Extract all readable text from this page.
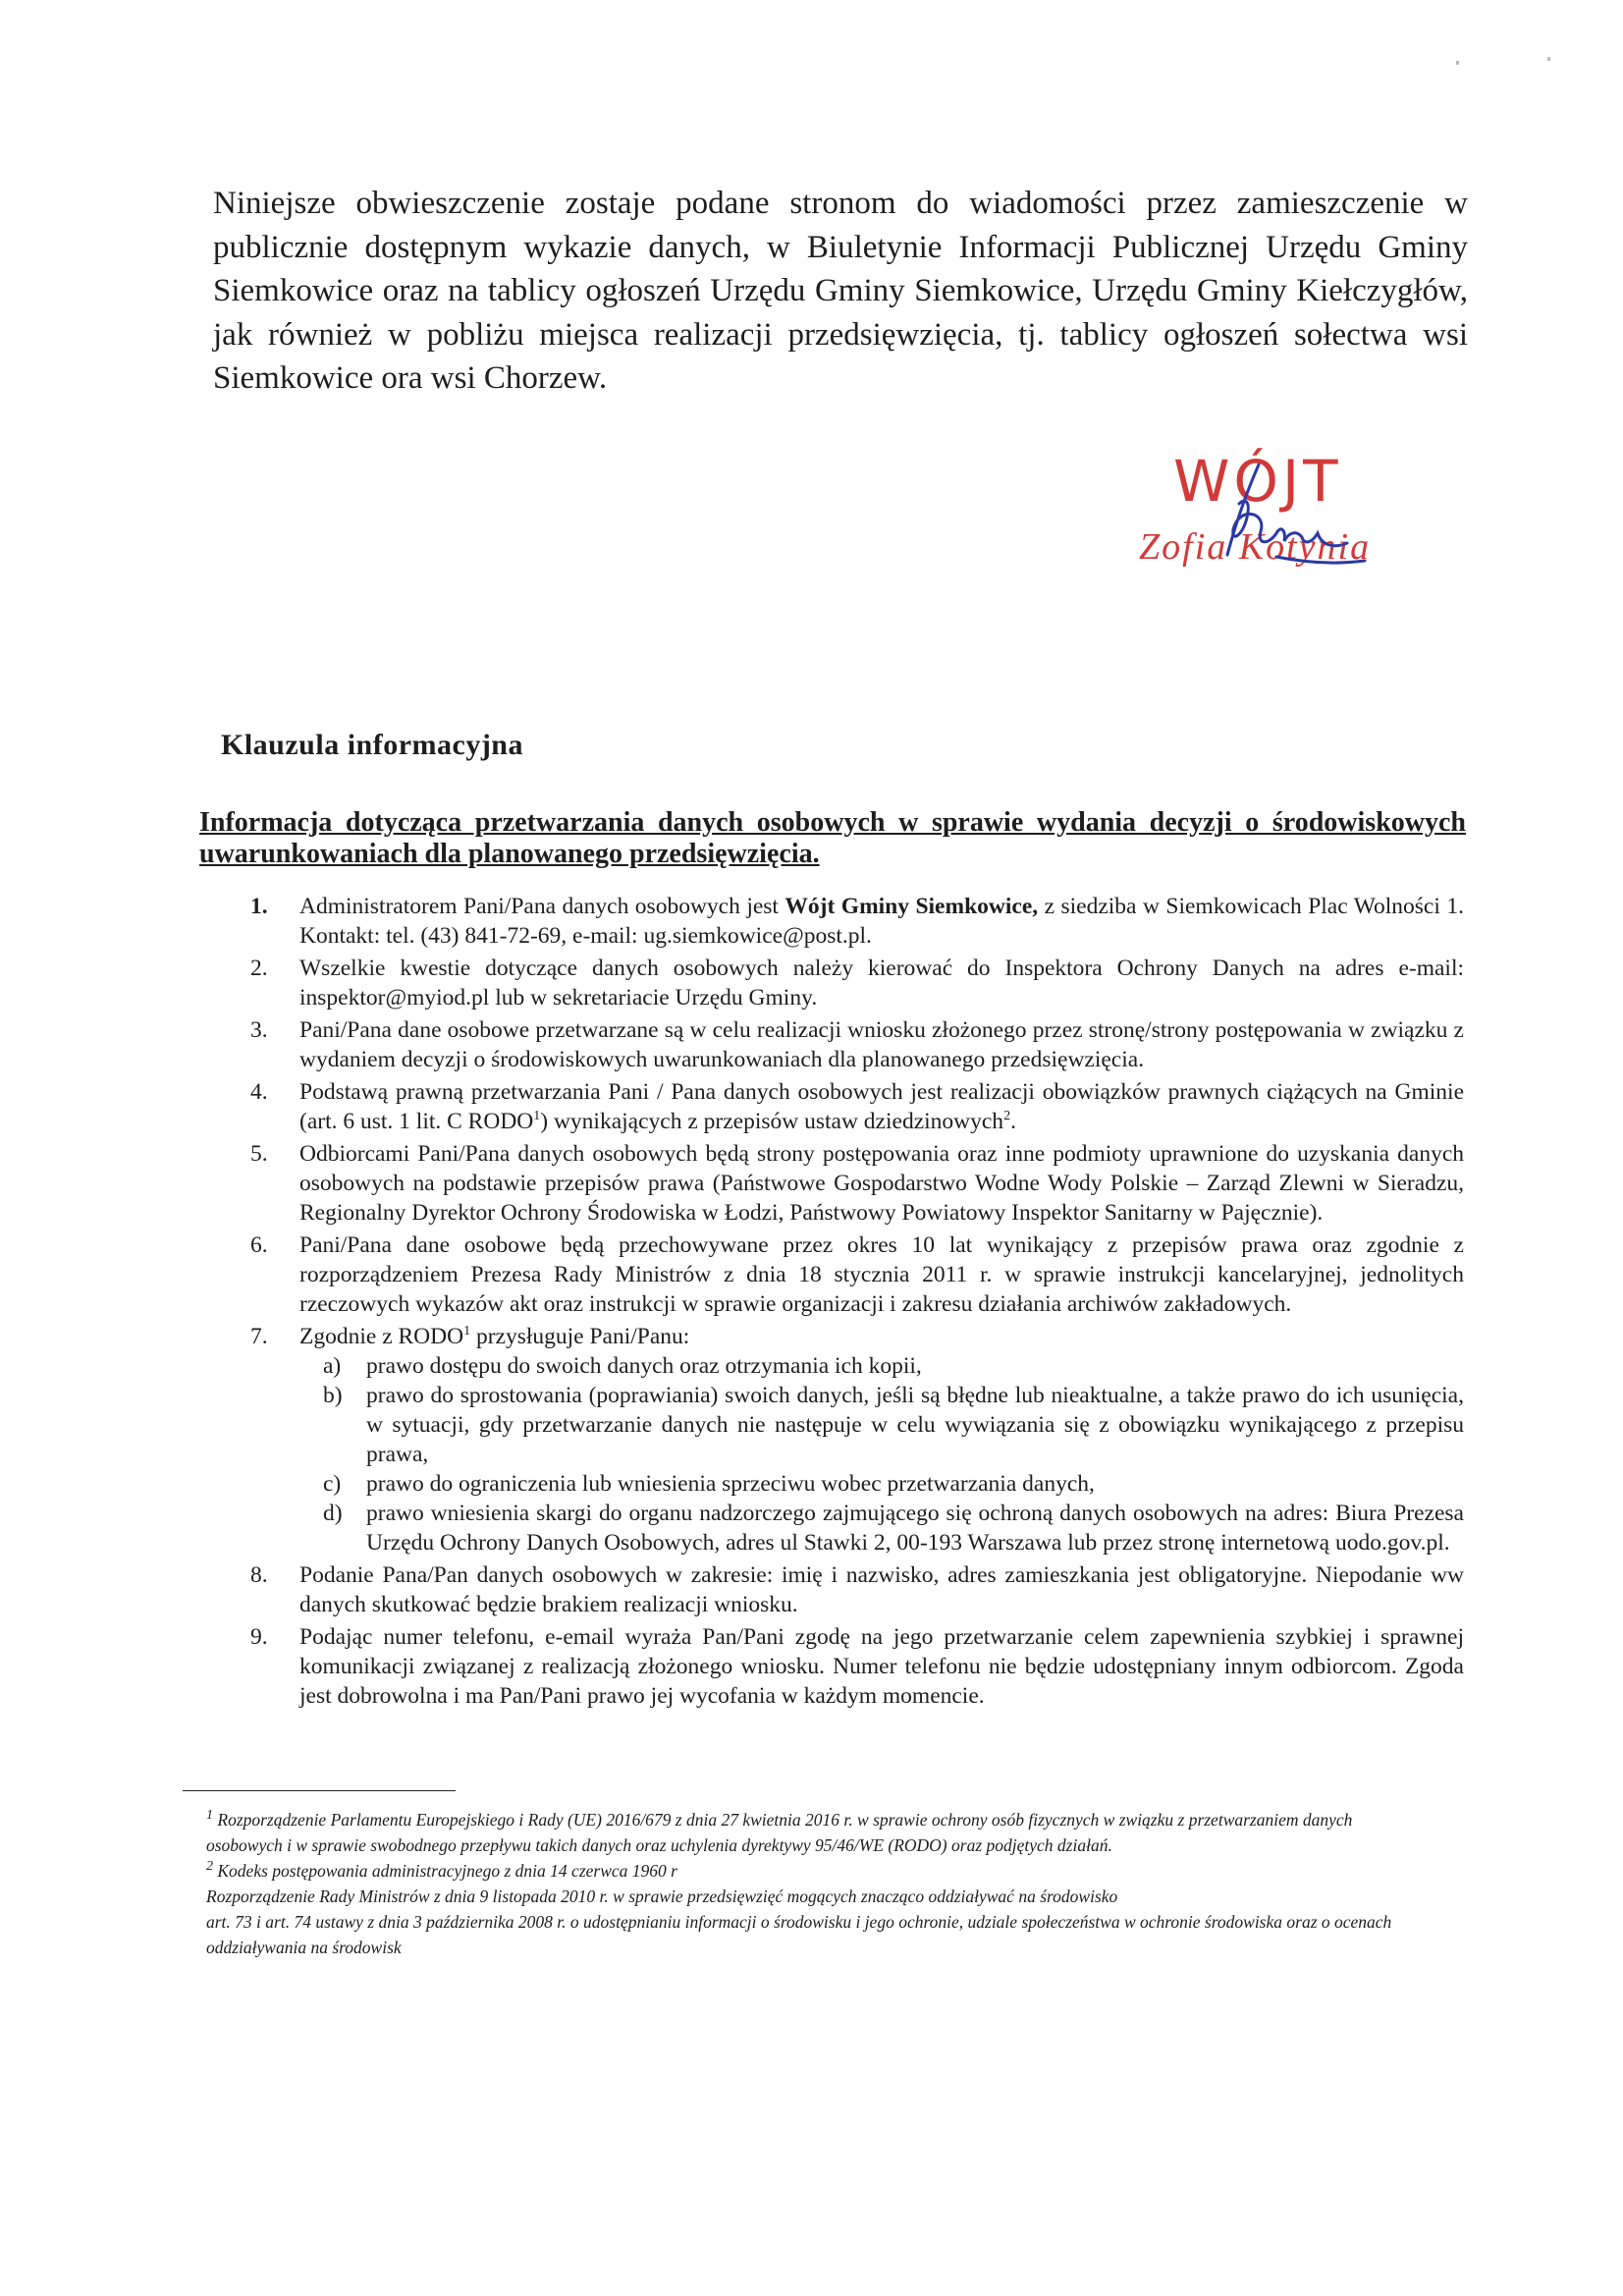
Niniejsze obwieszczenie zostaje podane stronom do wiadomości przez zamieszczenie w publicznie dostępnym wykazie danych, w Biuletynie Informacji Publicznej Urzędu Gminy Siemkowice oraz na tablicy ogłoszeń Urzędu Gminy Siemkowice, Urzędu Gminy Kiełczygłów, jak również w pobliżu miejsca realizacji przedsięwzięcia, tj. tablicy ogłoszeń sołectwa wsi Siemkowice ora wsi Chorzew.

WÓJT
Zofia Kotynia
Klauzula informacyjna

Informacja dotycząca przetwarzania danych osobowych w sprawie wydania decyzji o środowiskowych uwarunkowaniach dla planowanego przedsięwzięcia.

1. Administratorem Pani/Pana danych osobowych jest Wójt Gminy Siemkowice, z siedziba w Siemkowicach Plac Wolności 1. Kontakt: tel. (43) 841-72-69, e-mail: ug.siemkowice@post.pl.
2. Wszelkie kwestie dotyczące danych osobowych należy kierować do Inspektora Ochrony Danych na adres e-mail: inspektor@myiod.pl lub w sekretariacie Urzędu Gminy.
3. Pani/Pana dane osobowe przetwarzane są w celu realizacji wniosku złożonego przez stronę/strony postępowania w związku z wydaniem decyzji o środowiskowych uwarunkowaniach dla planowanego przedsięwzięcia.
4. Podstawą prawną przetwarzania Pani / Pana danych osobowych jest realizacji obowiązków prawnych ciążących na Gminie (art. 6 ust. 1 lit. C RODO$^1$) wynikających z przepisów ustaw dziedzinowych$^2$.
5. Odbiorcami Pani/Pana danych osobowych będą strony postępowania oraz inne podmioty uprawnione do uzyskania danych osobowych na podstawie przepisów prawa (Państwowe Gospodarstwo Wodne Wody Polskie – Zarząd Zlewni w Sieradzu, Regionalny Dyrektor Ochrony Środowiska w Łodzi, Państwowy Powiatowy Inspektor Sanitarny w Pajęcznie).
6. Pani/Pana dane osobowe będą przechowywane przez okres 10 lat wynikający z przepisów prawa oraz zgodnie z rozporządzeniem Prezesa Rady Ministrów z dnia 18 stycznia 2011 r. w sprawie instrukcji kancelaryjnej, jednolitych rzeczowych wykazów akt oraz instrukcji w sprawie organizacji i zakresu działania archiwów zakładowych.
7. Zgodnie z RODO$^1$ przysługuje Pani/Panu:
a) prawo dostępu do swoich danych oraz otrzymania ich kopii,
b) prawo do sprostowania (poprawiania) swoich danych, jeśli są błędne lub nieaktualne, a także prawo do ich usunięcia, w sytuacji, gdy przetwarzanie danych nie następuje w celu wywiązania się z obowiązku wynikającego z przepisu prawa,
c) prawo do ograniczenia lub wniesienia sprzeciwu wobec przetwarzania danych,
d) prawo wniesienia skargi do organu nadzorczego zajmującego się ochroną danych osobowych na adres: Biura Prezesa Urzędu Ochrony Danych Osobowych, adres ul Stawki 2, 00-193 Warszawa lub przez stronę internetową uodo.gov.pl.
8. Podanie Pana/Pan danych osobowych w zakresie: imię i nazwisko, adres zamieszkania jest obligatoryjne. Niepodanie ww danych skutkować będzie brakiem realizacji wniosku.
9. Podając numer telefonu, e-email wyraża Pan/Pani zgodę na jego przetwarzanie celem zapewnienia szybkiej i sprawnej komunikacji związanej z realizacją złożonego wniosku. Numer telefonu nie będzie udostępniany innym odbiorcom. Zgoda jest dobrowolna i ma Pan/Pani prawo jej wycofania w każdym momencie.

$^1$ Rozporządzenie Parlamentu Europejskiego i Rady (UE) 2016/679 z dnia 27 kwietnia 2016 r. w sprawie ochrony osób fizycznych w związku z przetwarzaniem danych osobowych i w sprawie swobodnego przepływu takich danych oraz uchylenia dyrektywy 95/46/WE (RODO) oraz podjętych działań.

$^2$ Kodeks postępowania administracyjnego z dnia 14 czerwca 1960 r

Rozporządzenie Rady Ministrów z dnia 9 listopada 2010 r. w sprawie przedsięwzięć mogących znacząco oddziaływać na środowisko

art. 73 i art. 74 ustawy z dnia 3 października 2008 r. o udostępnianiu informacji o środowisku i jego ochronie, udziale społeczeństwa w ochronie środowiska oraz o ocenach oddziaływania na środowisk
